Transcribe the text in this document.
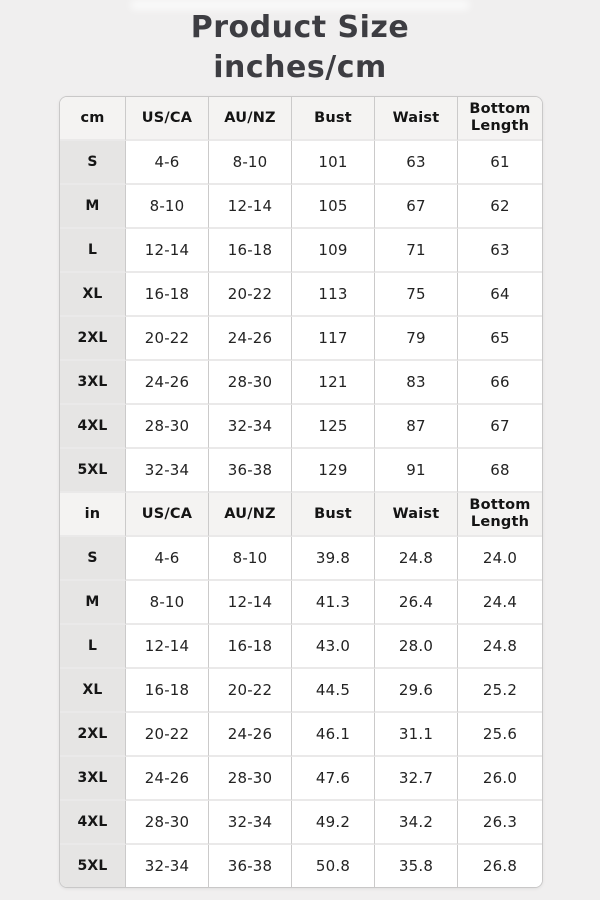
Product Size
inches/cm
cm	US/CA	AU/NZ	Bust	Waist	Bottom Length
S	4-6	8-10	101	63	61
M	8-10	12-14	105	67	62
L	12-14	16-18	109	71	63
XL	16-18	20-22	113	75	64
2XL	20-22	24-26	117	79	65
3XL	24-26	28-30	121	83	66
4XL	28-30	32-34	125	87	67
5XL	32-34	36-38	129	91	68
in	US/CA	AU/NZ	Bust	Waist	Bottom Length
S	4-6	8-10	39.8	24.8	24.0
M	8-10	12-14	41.3	26.4	24.4
L	12-14	16-18	43.0	28.0	24.8
XL	16-18	20-22	44.5	29.6	25.2
2XL	20-22	24-26	46.1	31.1	25.6
3XL	24-26	28-30	47.6	32.7	26.0
4XL	28-30	32-34	49.2	34.2	26.3
5XL	32-34	36-38	50.8	35.8	26.8
